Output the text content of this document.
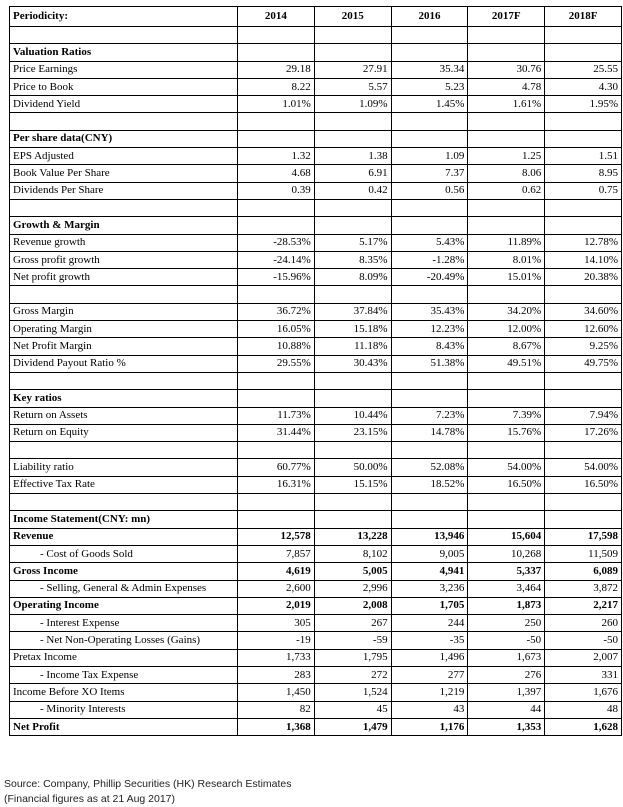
Periodicity:	2014	2015	2016	2017F	2018F

Valuation Ratios					
Price Earnings	29.18	27.91	35.34	30.76	25.55
Price to Book	8.22	5.57	5.23	4.78	4.30
Dividend Yield	1.01%	1.09%	1.45%	1.61%	1.95%

Per share data(CNY)					
EPS Adjusted	1.32	1.38	1.09	1.25	1.51
Book Value Per Share	4.68	6.91	7.37	8.06	8.95
Dividends Per Share	0.39	0.42	0.56	0.62	0.75

Growth & Margin					
Revenue growth	-28.53%	5.17%	5.43%	11.89%	12.78%
Gross profit growth	-24.14%	8.35%	-1.28%	8.01%	14.10%
Net profit growth	-15.96%	8.09%	-20.49%	15.01%	20.38%

Gross Margin	36.72%	37.84%	35.43%	34.20%	34.60%
Operating Margin	16.05%	15.18%	12.23%	12.00%	12.60%
Net Profit Margin	10.88%	11.18%	8.43%	8.67%	9.25%
Dividend Payout Ratio %	29.55%	30.43%	51.38%	49.51%	49.75%

Key ratios					
Return on Assets	11.73%	10.44%	7.23%	7.39%	7.94%
Return on Equity	31.44%	23.15%	14.78%	15.76%	17.26%

Liability ratio	60.77%	50.00%	52.08%	54.00%	54.00%
Effective Tax Rate	16.31%	15.15%	18.52%	16.50%	16.50%

Income Statement(CNY: mn)					
Revenue	12,578	13,228	13,946	15,604	17,598
- Cost of Goods Sold	7,857	8,102	9,005	10,268	11,509
Gross Income	4,619	5,005	4,941	5,337	6,089
- Selling, General & Admin Expenses	2,600	2,996	3,236	3,464	3,872
Operating Income	2,019	2,008	1,705	1,873	2,217
- Interest Expense	305	267	244	250	260
- Net Non-Operating Losses (Gains)	-19	-59	-35	-50	-50
Pretax Income	1,733	1,795	1,496	1,673	2,007
- Income Tax Expense	283	272	277	276	331
Income Before XO Items	1,450	1,524	1,219	1,397	1,676
- Minority Interests	82	45	43	44	48
Net Profit	1,368	1,479	1,176	1,353	1,628
Source: Company, Phillip Securities (HK) Research Estimates
(Financial figures as at 21 Aug 2017)
